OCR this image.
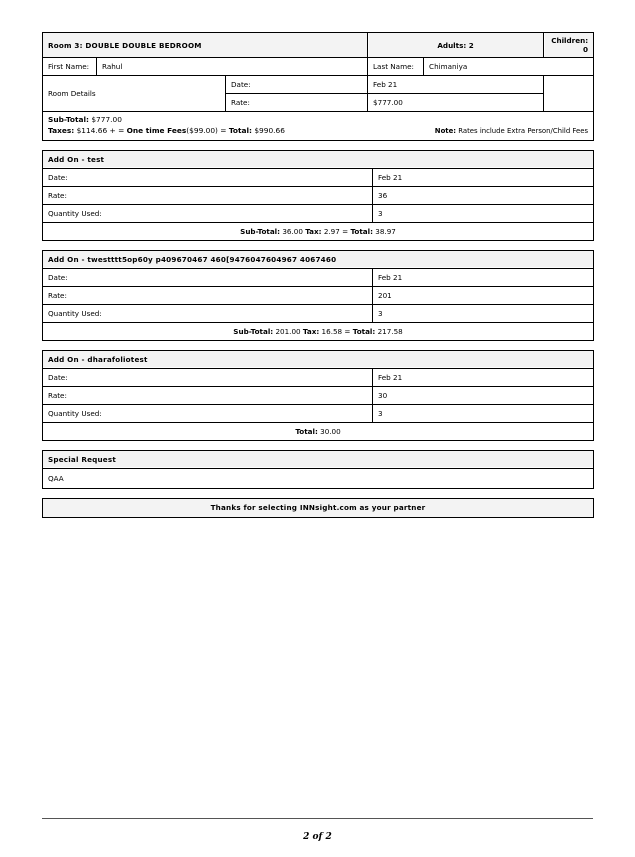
Room 3: DOUBLE DOUBLE BEDROOM			Adults: 2		Children: 0
First Name:	Rahul		Last Name:	Chimaniya	
Room Details		Date:	Feb 21		
		Rate:	$777.00		

Sub-Total: $777.00
Taxes: $114.66 + = One time Fees($99.00) = Total: $990.66 Note: Rates include Extra Person/Child Fees					
Add On - test	
Date:	Feb 21
Rate:	36
Quantity Used:	3
Sub-Total: 36.00 Tax: 2.97 = Total: 38.97	
Add On - twestttt5op60y p409670467 460[9476047604967 4067460	
Date:	Feb 21
Rate:	201
Quantity Used:	3
Sub-Total: 201.00 Tax: 16.58 = Total: 217.58	
Add On - dharafoliotest	
Date:	Feb 21
Rate:	30
Quantity Used:	3
Total: 30.00	
Special Request
QAA
Thanks for selecting INNsight.com as your partner
2 of 2
